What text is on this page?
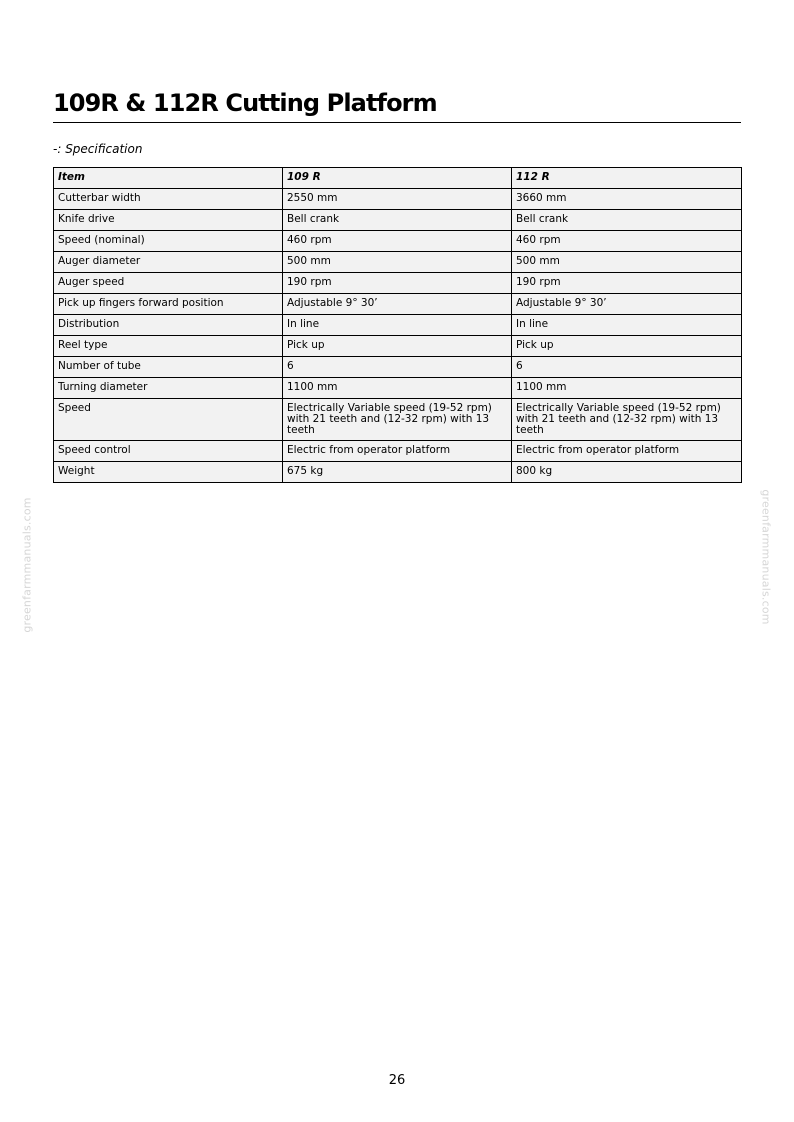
109R & 112R Cutting Platform
-: Specification
Item	109 R	112 R
Cutterbar width	2550 mm	3660 mm
Knife drive	Bell crank	Bell crank
Speed (nominal)	460 rpm	460 rpm
Auger diameter	500 mm	500 mm
Auger speed	190 rpm	190 rpm
Pick up fingers forward position	Adjustable 9° 30’	Adjustable 9° 30’
Distribution	In line	In line
Reel type	Pick up	Pick up
Number of tube	6	6
Turning diameter	1100 mm	1100 mm
Speed	Electrically Variable speed (19-52 rpm) with 21 teeth and (12-32 rpm) with 13 teeth	Electrically Variable speed (19-52 rpm) with 21 teeth and (12-32 rpm) with 13 teeth
Speed control	Electric from operator platform	Electric from operator platform
Weight	675 kg	800 kg
greenfarmmanuals.com	greenfarmmanuals.com
26
